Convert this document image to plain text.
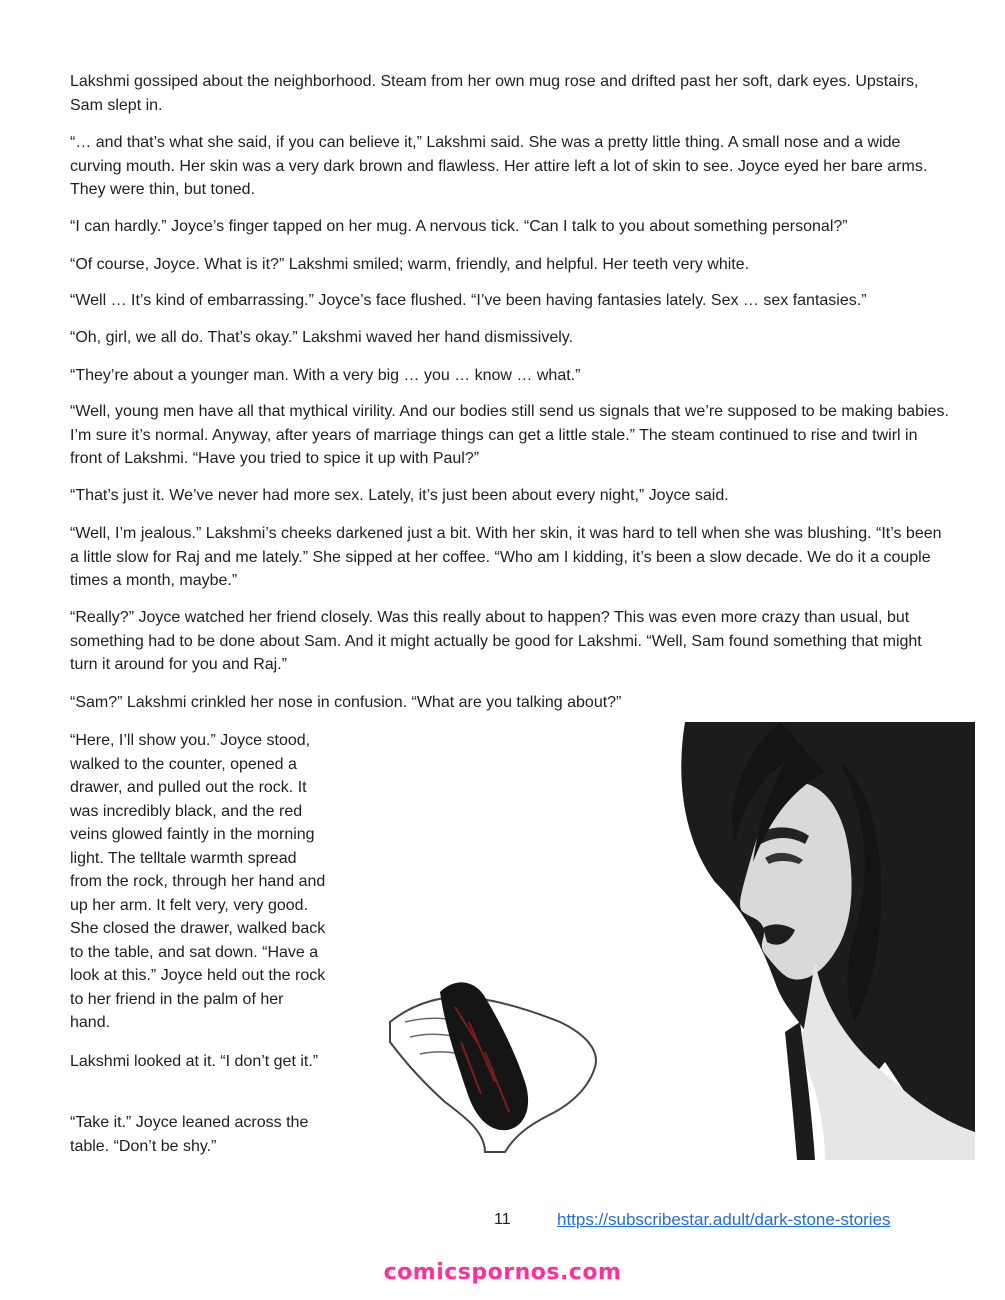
Lakshmi gossiped about the neighborhood. Steam from her own mug rose and drifted past her soft, dark eyes. Upstairs, Sam slept in.

“… and that’s what she said, if you can believe it,” Lakshmi said. She was a pretty little thing. A small nose and a wide curving mouth. Her skin was a very dark brown and flawless. Her attire left a lot of skin to see. Joyce eyed her bare arms. They were thin, but toned.

“I can hardly.” Joyce’s finger tapped on her mug. A nervous tick. “Can I talk to you about something personal?”

“Of course, Joyce. What is it?” Lakshmi smiled; warm, friendly, and helpful. Her teeth very white.

“Well … It’s kind of embarrassing.” Joyce’s face flushed. “I’ve been having fantasies lately. Sex … sex fantasies.”

“Oh, girl, we all do. That’s okay.” Lakshmi waved her hand dismissively.

“They’re about a younger man. With a very big … you … know … what.”

“Well, young men have all that mythical virility. And our bodies still send us signals that we’re supposed to be making babies. I’m sure it’s normal. Anyway, after years of marriage things can get a little stale.” The steam continued to rise and twirl in front of Lakshmi. “Have you tried to spice it up with Paul?”

“That’s just it. We’ve never had more sex. Lately, it’s just been about every night,” Joyce said.

“Well, I’m jealous.” Lakshmi’s cheeks darkened just a bit. With her skin, it was hard to tell when she was blushing. “It’s been a little slow for Raj and me lately.” She sipped at her coffee. “Who am I kidding, it’s been a slow decade. We do it a couple times a month, maybe.”

“Really?” Joyce watched her friend closely. Was this really about to happen? This was even more crazy than usual, but something had to be done about Sam. And it might actually be good for Lakshmi. “Well, Sam found something that might turn it around for you and Raj.”

“Sam?” Lakshmi crinkled her nose in confusion. “What are you talking about?”

“Here, I’ll show you.” Joyce stood, walked to the counter, opened a drawer, and pulled out the rock. It was incredibly black, and the red veins glowed faintly in the morning light. The telltale warmth spread from the rock, through her hand and up her arm. It felt very, very good. She closed the drawer, walked back to the table, and sat down. “Have a look at this.” Joyce held out the rock to her friend in the palm of her hand.

Lakshmi looked at it. “I don’t get it.”

“Take it.” Joyce leaned across the table. “Don’t be shy.”

11	https://subscribestar.adult/dark-stone-stories
comicspornos.com
